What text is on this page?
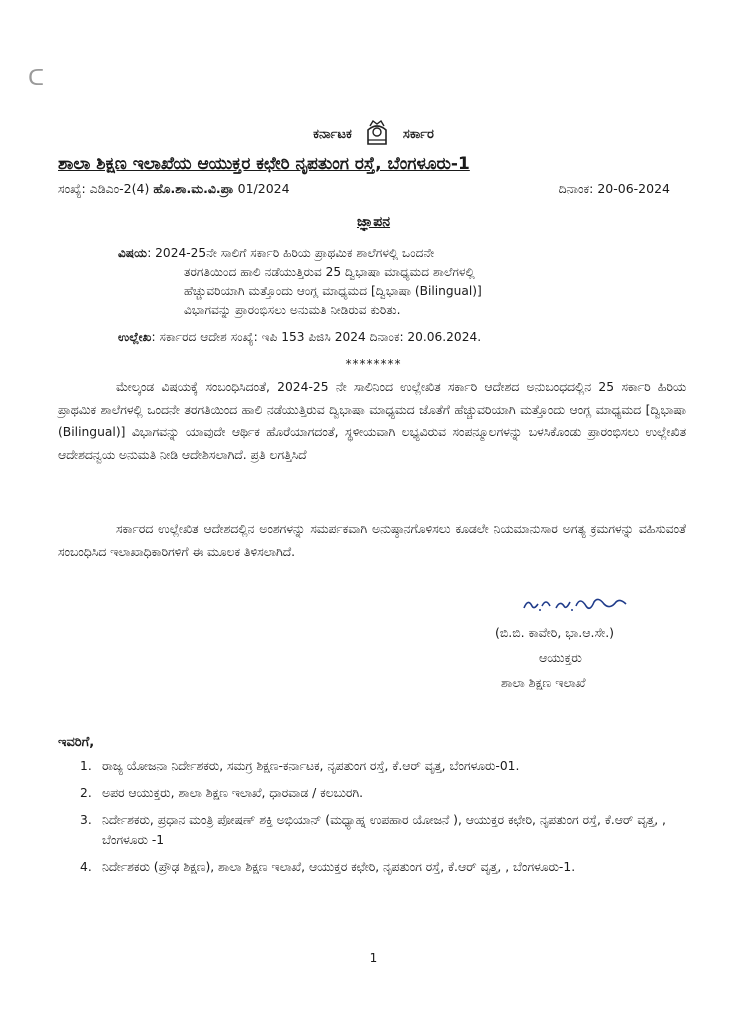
ᑕ
ಕರ್ನಾಟಕ	ಸರ್ಕಾರ
ಶಾಲಾ ಶಿಕ್ಷಣ ಇಲಾಖೆಯ ಆಯುಕ್ತರ ಕಛೇರಿ ನೃಪತುಂಗ ರಸ್ತೆ, ಬೆಂಗಳೂರು-1
ಸಂಖ್ಯೆ: ಎಡಿಎಂ-2(4) ಹೊ.ಶಾ.ಮ.ವಿ.ಪ್ರಾ 01/2024	ದಿನಾಂಕ: 20-06-2024
ಜ್ಞಾಪನ
ವಿಷಯ: 2024-25ನೇ ಸಾಲಿಗೆ ಸರ್ಕಾರಿ ಹಿರಿಯ ಪ್ರಾಥಮಿಕ ಶಾಲೆಗಳಲ್ಲಿ ಒಂದನೇ
ತರಗತಿಯಿಂದ ಹಾಲಿ ನಡೆಯುತ್ತಿರುವ 25 ದ್ವಿಭಾಷಾ ಮಾಧ್ಯಮದ ಶಾಲೆಗಳಲ್ಲಿ
ಹೆಚ್ಚುವರಿಯಾಗಿ ಮತ್ತೊಂದು ಆಂಗ್ಲ ಮಾಧ್ಯಮದ [ದ್ವಿಭಾಷಾ (Bilingual)]
ವಿಭಾಗವನ್ನು ಪ್ರಾರಂಭಿಸಲು ಅನುಮತಿ ನೀಡಿರುವ ಕುರಿತು.
ಉಲ್ಲೇಖ: ಸರ್ಕಾರದ ಆದೇಶ ಸಂಖ್ಯೆ: ಇಪಿ 153 ಪಿಜಿಸಿ 2024 ದಿನಾಂಕ: 20.06.2024.
********
ಮೇಲ್ಕಂಡ ವಿಷಯಕ್ಕೆ ಸಂಬಂಧಿಸಿದಂತೆ, 2024-25 ನೇ ಸಾಲಿನಿಂದ ಉಲ್ಲೇಖಿತ ಸರ್ಕಾರಿ ಆದೇಶದ ಅನುಬಂಧದಲ್ಲಿನ 25 ಸರ್ಕಾರಿ ಹಿರಿಯ ಪ್ರಾಥಮಿಕ ಶಾಲೆಗಳಲ್ಲಿ ಒಂದನೇ ತರಗತಿಯಿಂದ ಹಾಲಿ ನಡೆಯುತ್ತಿರುವ ದ್ವಿಭಾಷಾ ಮಾಧ್ಯಮದ ಜೊತೆಗೆ ಹೆಚ್ಚುವರಿಯಾಗಿ ಮತ್ತೊಂದು ಆಂಗ್ಲ ಮಾಧ್ಯಮದ [ದ್ವಿಭಾಷಾ (Bilingual)] ವಿಭಾಗವನ್ನು ಯಾವುದೇ ಆರ್ಥಿಕ ಹೊರೆಯಾಗದಂತೆ, ಸ್ಥಳೀಯವಾಗಿ ಲಭ್ಯವಿರುವ ಸಂಪನ್ಮೂಲಗಳನ್ನು ಬಳಸಿಕೊಂಡು ಪ್ರಾರಂಭಿಸಲು ಉಲ್ಲೇಖಿತ ಆದೇಶದನ್ವಯ ಅನುಮತಿ ನೀಡಿ ಆದೇಶಿಸಲಾಗಿದೆ. ಪ್ರತಿ ಲಗತ್ತಿಸಿದೆ
ಸರ್ಕಾರದ ಉಲ್ಲೇಖಿತ ಆದೇಶದಲ್ಲಿನ ಅಂಶಗಳನ್ನು ಸಮರ್ಪಕವಾಗಿ ಅನುಷ್ಠಾನಗೊಳಿಸಲು ಕೂಡಲೇ ನಿಯಮಾನುಸಾರ ಅಗತ್ಯ ಕ್ರಮಗಳನ್ನು ವಹಿಸುವಂತೆ ಸಂಬಂಧಿಸಿದ ಇಲಾಖಾಧಿಕಾರಿಗಳಿಗೆ ಈ ಮೂಲಕ ತಿಳಿಸಲಾಗಿದೆ.
(ಬಿ.ಬಿ. ಕಾವೇರಿ, ಭಾ.ಆ.ಸೇ.)
ಆಯುಕ್ತರು
ಶಾಲಾ ಶಿಕ್ಷಣ ಇಲಾಖೆ
ಇವರಿಗೆ,
1. ರಾಜ್ಯ ಯೋಜನಾ ನಿರ್ದೇಶಕರು, ಸಮಗ್ರ ಶಿಕ್ಷಣ-ಕರ್ನಾಟಕ, ನೃಪತುಂಗ ರಸ್ತೆ, ಕೆ.ಆರ್ ವೃತ್ತ, ಬೆಂಗಳೂರು-01.
2. ಅಪರ ಆಯುಕ್ತರು, ಶಾಲಾ ಶಿಕ್ಷಣ ಇಲಾಖೆ, ಧಾರವಾಡ / ಕಲಬುರಗಿ.
3. ನಿರ್ದೇಶಕರು, ಪ್ರಧಾನ ಮಂತ್ರಿ ಪೋಷಣ್ ಶಕ್ತಿ ಅಭಿಯಾನ್ (ಮಧ್ಯಾಹ್ನ ಉಪಹಾರ ಯೋಜನೆ ), ಆಯುಕ್ತರ ಕಛೇರಿ, ನೃಪತುಂಗ ರಸ್ತೆ, ಕೆ.ಆರ್ ವೃತ್ತ, , ಬೆಂಗಳೂರು -1
4. ನಿರ್ದೇಶಕರು (ಪ್ರೌಢ ಶಿಕ್ಷಣ), ಶಾಲಾ ಶಿಕ್ಷಣ ಇಲಾಖೆ, ಆಯುಕ್ತರ ಕಛೇರಿ, ನೃಪತುಂಗ ರಸ್ತೆ, ಕೆ.ಆರ್ ವೃತ್ತ, , ಬೆಂಗಳೂರು-1.
1
